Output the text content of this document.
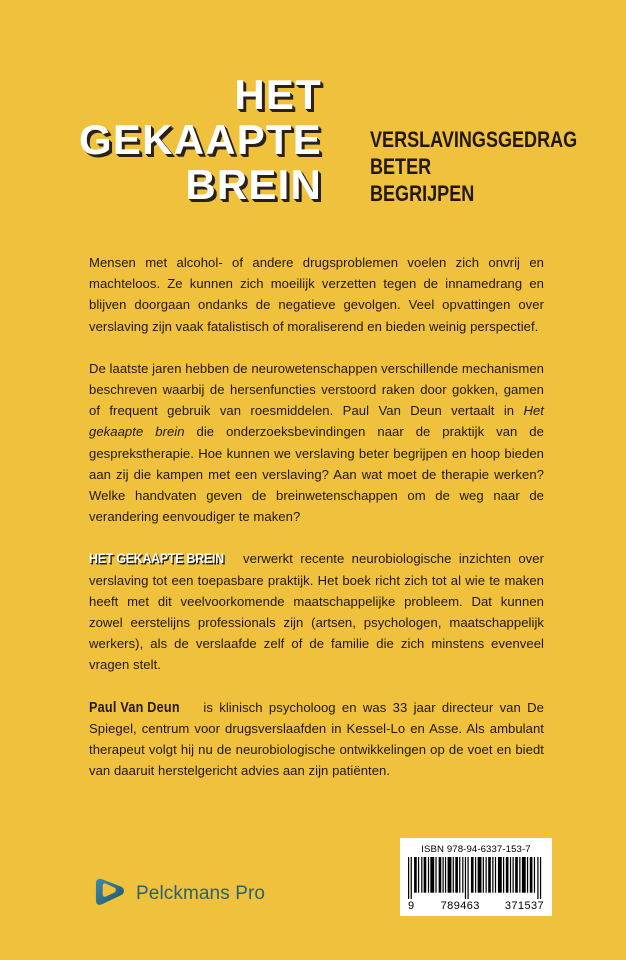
HET
GEKAAPTE
BREIN
VERSLAVINGSGEDRAG
BETER
BEGRIJPEN

Mensen met alcohol- of andere drugsproblemen voelen zich onvrij en machteloos. Ze kunnen zich moeilijk verzetten tegen de innamedrang en blijven doorgaan ondanks de negatieve gevolgen. Veel opvattingen over verslaving zijn vaak fatalistisch of moraliserend en bieden weinig perspectief.

De laatste jaren hebben de neurowetenschappen verschillende mechanismen beschreven waarbij de hersenfuncties verstoord raken door gokken, gamen of frequent gebruik van roesmiddelen. Paul Van Deun vertaalt in Het gekaapte brein die onderzoeksbevindingen naar de praktijk van de gesprekstherapie. Hoe kunnen we verslaving beter begrijpen en hoop bieden aan zij die kampen met een verslaving? Aan wat moet de therapie werken? Welke handvaten geven de breinwetenschappen om de weg naar de verandering eenvoudiger te maken?

HET GEKAAPTE BREIN verwerkt recente neurobiologische inzichten over verslaving tot een toepasbare praktijk. Het boek richt zich tot al wie te maken heeft met dit veelvoorkomende maatschappelijke probleem. Dat kunnen zowel eerstelijns professionals zijn (artsen, psychologen, maatschappelijk werkers), als de verslaafde zelf of de familie die zich minstens evenveel vragen stelt.

Paul Van Deun is klinisch psycholoog en was 33 jaar directeur van De Spiegel, centrum voor drugsverslaafden in Kessel-Lo en Asse. Als ambulant therapeut volgt hij nu de neurobiologische ontwikkelingen op de voet en biedt van daaruit herstelgericht advies aan zijn patiënten.

Pelckmans Pro
ISBN 978-94-6337-153-7
9 789463 371537
